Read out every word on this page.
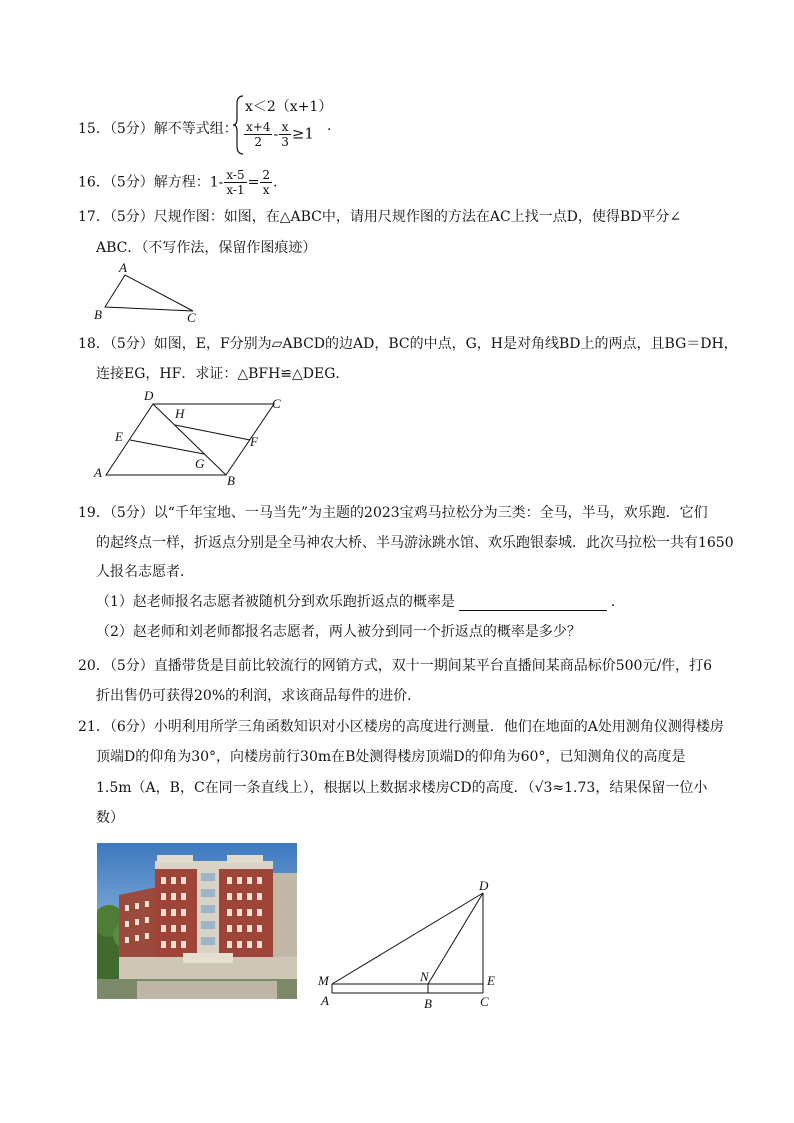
15．（5分）解不等式组：
x＜2（x+1）
$\frac{x+4}{2} - \frac{x}{3} \ge 1$ .
16．（5分）解方程：$1- \frac{x-5}{x-1} = \frac{2}{x}$ .
17．（5分）尺规作图：如图，在△ABC中，请用尺规作图的方法在AC上找一点D，使得BD平分∠
ABC．（不写作法，保留作图痕迹）
A
B	C
18．（5分）如图，E，F分别为▱ABCD的边AD，BC的中点，G，H是对角线BD上的两点，且BG＝DH，
连接EG，HF．求证：△BFH≌△DEG．
D
C
H
E	F
G
A
B
19．（5分）以“千年宝地、一马当先”为主题的2023宝鸡马拉松分为三类：全马，半马，欢乐跑．它们
的起终点一样，折返点分别是全马神农大桥、半马游泳跳水馆、欢乐跑银泰城．此次马拉松一共有1650
人报名志愿者．
（1）赵老师报名志愿者被随机分到欢乐跑折返点的概率是	．
（2）赵老师和刘老师都报名志愿者，两人被分到同一个折返点的概率是多少？
20．（5分）直播带货是目前比较流行的网销方式，双十一期间某平台直播间某商品标价500元/件，打6
折出售仍可获得20%的利润，求该商品每件的进价．
21．（6分）小明利用所学三角函数知识对小区楼房的高度进行测量．他们在地面的A处用测角仪测得楼房
顶端D的仰角为30°，向楼房前行30m在B处测得楼房顶端D的仰角为60°，已知测角仪的高度是
1.5m（A，B，C在同一条直线上），根据以上数据求楼房CD的高度．（√3≈1.73，结果保留一位小
数）
D
M	N	E
A	B	C
